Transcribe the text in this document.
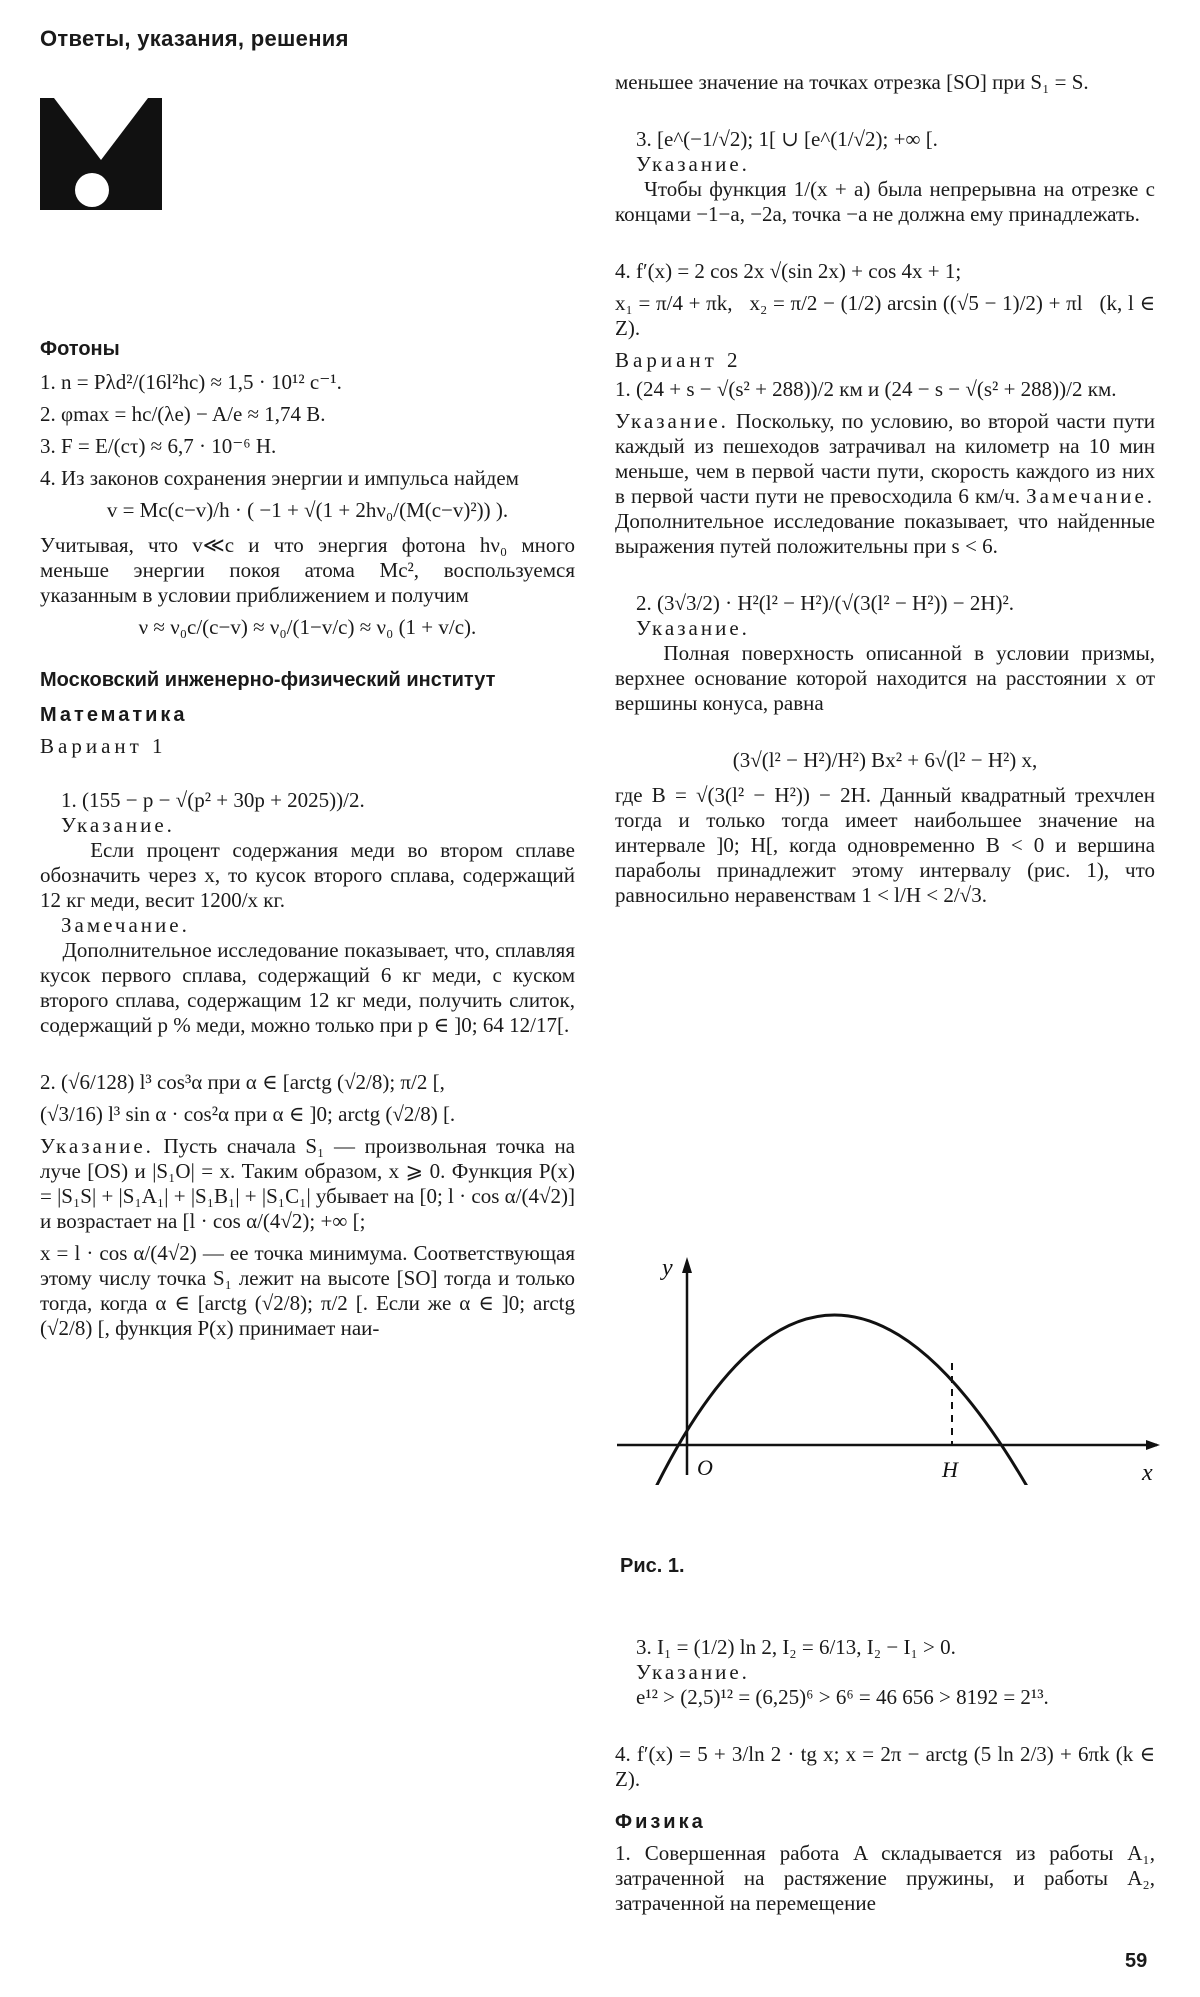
Ответы, указания, решения
Фотоны

1. n = Pλd²/(16l²hc) ≈ 1,5 · 10¹² с⁻¹.

2. φmax = hc/(λe) − A/e ≈ 1,74 В.

3. F = E/(cτ) ≈ 6,7 · 10⁻⁶ Н.

4. Из законов сохранения энергии и импульса найдем

v = Mc(c−v)/h · ( −1 + √(1 + 2hν₀/(M(c−v)²)) ).

Учитывая, что v≪c и что энергия фотона hν₀ много меньше энергии покоя атома Mc², воспользуемся указанным в условии приближением и получим

ν ≈ ν₀c/(c−v) ≈ ν₀/(1−v/c) ≈ ν₀ (1 + v/c).

Московский инженерно-физический институт
Математика
Вариант 1

1. (155 − p − √(p² + 30p + 2025))/2.
Указание.
Если процент содержания меди во втором сплаве обозначить через x, то кусок второго сплава, содержащий 12 кг меди, весит 1200/x кг.
Замечание.
Дополнительное исследование показывает, что, сплавляя кусок первого сплава, содержащий 6 кг меди, с куском второго сплава, содержащим 12 кг меди, получить слиток, содержащий p % меди, можно только при p ∈ ]0; 64 12/17[.

2. (√6/128) l³ cos³α при α ∈ [arctg (√2/8); π/2 [,

(√3/16) l³ sin α · cos²α при α ∈ ]0; arctg (√2/8) [.

Указание. Пусть сначала S₁ — произвольная точка на луче [OS) и |S₁O| = x. Таким образом, x ⩾ 0. Функция P(x) = |S₁S| + |S₁A₁| + |S₁B₁| + |S₁C₁| убывает на [0; l · cos α/(4√2)] и возрастает на [l · cos α/(4√2); +∞ [;

x = l · cos α/(4√2) — ее точка минимума. Соответствующая этому числу точка S₁ лежит на высоте [SO] тогда и только тогда, когда α ∈ [arctg (√2/8); π/2 [. Если же α ∈ ]0; arctg (√2/8) [, функция P(x) принимает наи-

меньшее значение на точках отрезка [SO] при S₁ = S.

3. [e^(−1/√2); 1[ ∪ [e^(1/√2); +∞ [.
Указание.
Чтобы функция 1/(x + a) была непрерывна на отрезке с концами −1−a, −2a, точка −a не должна ему принадлежать.

4. f′(x) = 2 cos 2x √(sin 2x) + cos 4x + 1;

x₁ = π/4 + πk,   x₂ = π/2 − (1/2) arcsin ((√5 − 1)/2) + πl   (k, l ∈ Z).

Вариант 2

1. (24 + s − √(s² + 288))/2 км и (24 − s − √(s² + 288))/2 км.

Указание. Поскольку, по условию, во второй части пути каждый из пешеходов затрачивал на километр на 10 мин меньше, чем в первой части пути, скорость каждого из них в первой части пути не превосходила 6 км/ч. Замечание. Дополнительное исследование показывает, что найденные выражения путей положительны при s < 6.

2. (3√3/2) · H²(l² − H²)/(√(3(l² − H²)) − 2H)².
Указание.
Полная поверхность описанной в условии призмы, верхнее основание которой находится на расстоянии x от вершины конуса, равна

(3√(l² − H²)/H²) Bx² + 6√(l² − H²) x,

где B = √(3(l² − H²)) − 2H. Данный квадратный трехчлен тогда и только тогда имеет наибольшее значение на интервале ]0; H[, когда одновременно B < 0 и вершина параболы принадлежит этому интервалу (рис. 1), что равносильно неравенствам 1 < l/H < 2/√3.

y
x
O	H
Рис. 1.

3. I₁ = (1/2) ln 2, I₂ = 6/13, I₂ − I₁ > 0.
Указание.
e¹² > (2,5)¹² = (6,25)⁶ > 6⁶ = 46 656 > 8192 = 2¹³.

4. f′(x) = 5 + 3/ln 2 · tg x; x = 2π − arctg (5 ln 2/3) + 6πk (k ∈ Z).

Физика

1. Совершенная работа A складывается из работы A₁, затраченной на растяжение пружины, и работы A₂, затраченной на перемещение

59
